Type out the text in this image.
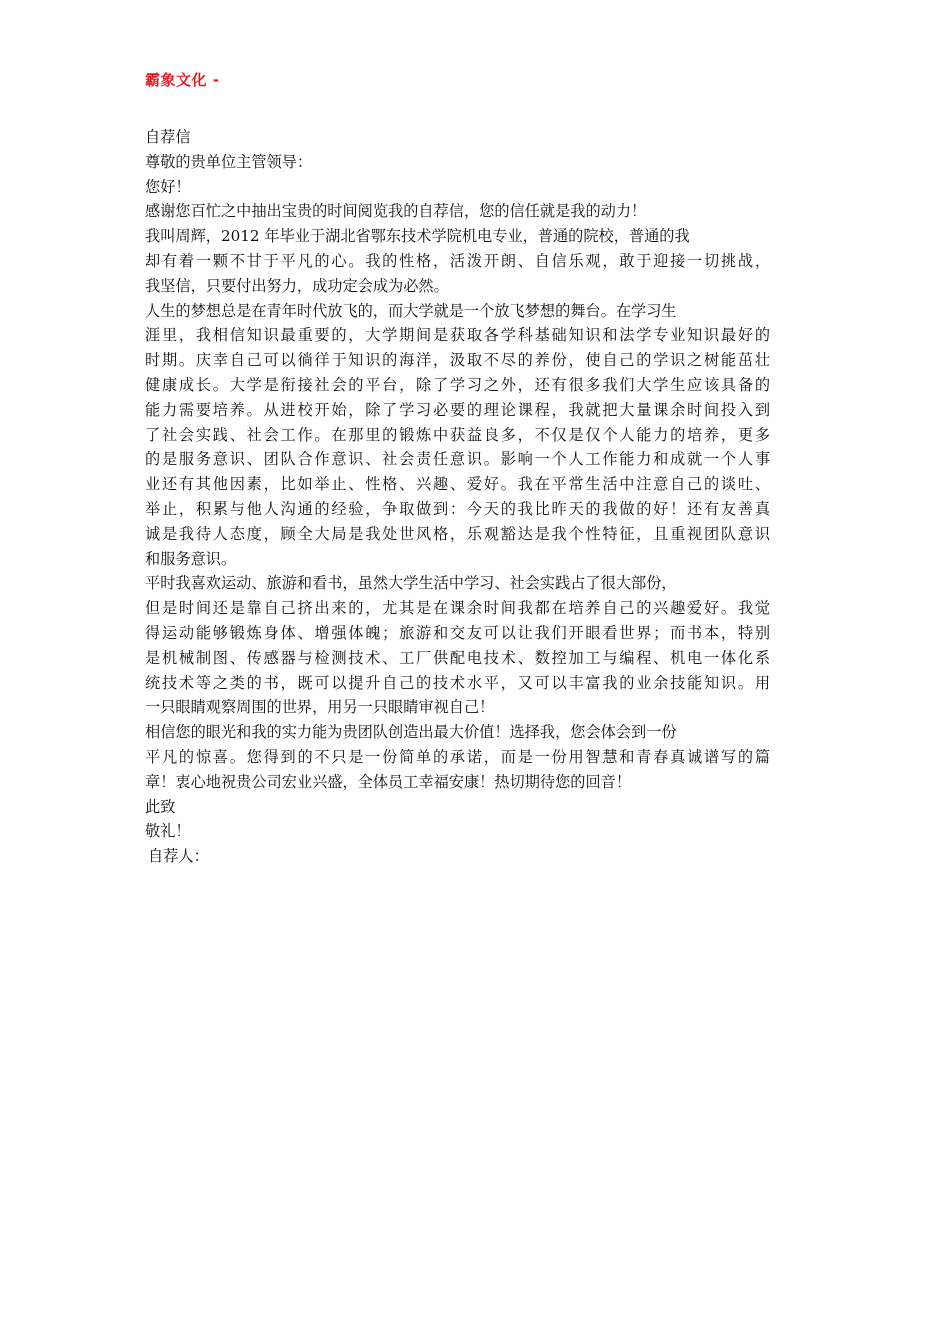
霸象文化 -
自荐信
尊敬的贵单位主管领导：
您好！
感谢您百忙之中抽出宝贵的时间阅览我的自荐信，您的信任就是我的动力！
我叫周辉，2012 年毕业于湖北省鄂东技术学院机电专业，普通的院校，普通的我
却有着一颗不甘于平凡的心。我的性格，活泼开朗、自信乐观，敢于迎接一切挑战，
我坚信，只要付出努力，成功定会成为必然。
人生的梦想总是在青年时代放飞的，而大学就是一个放飞梦想的舞台。在学习生
涯里，我相信知识最重要的，大学期间是获取各学科基础知识和法学专业知识最好的
时期。庆幸自己可以徜徉于知识的海洋，汲取不尽的养份，使自己的学识之树能茁壮
健康成长。大学是衔接社会的平台，除了学习之外，还有很多我们大学生应该具备的
能力需要培养。从进校开始，除了学习必要的理论课程，我就把大量课余时间投入到
了社会实践、社会工作。在那里的锻炼中获益良多，不仅是仅个人能力的培养，更多
的是服务意识、团队合作意识、社会责任意识。影响一个人工作能力和成就一个人事
业还有其他因素，比如举止、性格、兴趣、爱好。我在平常生活中注意自己的谈吐、
举止，积累与他人沟通的经验，争取做到：今天的我比昨天的我做的好！还有友善真
诚是我待人态度，顾全大局是我处世风格，乐观豁达是我个性特征，且重视团队意识
和服务意识。
平时我喜欢运动、旅游和看书，虽然大学生活中学习、社会实践占了很大部份，
但是时间还是靠自己挤出来的，尤其是在课余时间我都在培养自己的兴趣爱好。我觉
得运动能够锻炼身体、增强体魄；旅游和交友可以让我们开眼看世界；而书本，特别
是机械制图、传感器与检测技术、工厂供配电技术、数控加工与编程、机电一体化系
统技术等之类的书，既可以提升自己的技术水平，又可以丰富我的业余技能知识。用
一只眼睛观察周围的世界，用另一只眼睛审视自己！
相信您的眼光和我的实力能为贵团队创造出最大价值！选择我，您会体会到一份
平凡的惊喜。您得到的不只是一份简单的承诺，而是一份用智慧和青春真诚谱写的篇
章！衷心地祝贵公司宏业兴盛，全体员工幸福安康！热切期待您的回音！
此致
敬礼！
自荐人：
